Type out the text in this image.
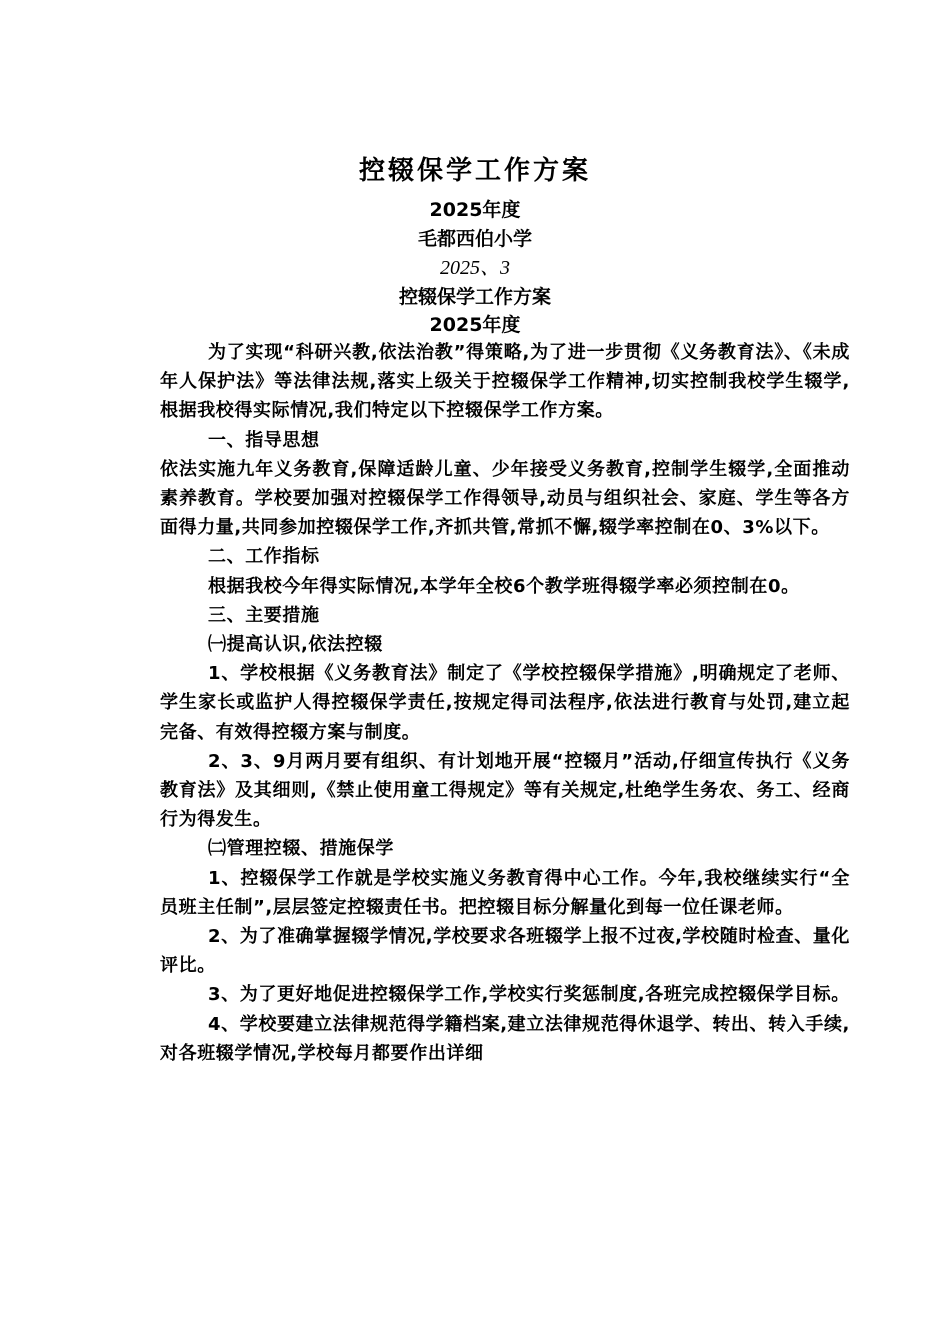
控辍保学工作方案
2025年度
毛都西伯小学
2025、3
控辍保学工作方案
2025年度

为了实现“科研兴教,依法治教”得策略,为了进一步贯彻《义务教育法》、《未成年人保护法》等法律法规,落实上级关于控辍保学工作精神,切实控制我校学生辍学,根据我校得实际情况,我们特定以下控辍保学工作方案。

一、指导思想

依法实施九年义务教育,保障适龄儿童、少年接受义务教育,控制学生辍学,全面推动素养教育。学校要加强对控辍保学工作得领导,动员与组织社会、家庭、学生等各方面得力量,共同参加控辍保学工作,齐抓共管,常抓不懈,辍学率控制在0、3%以下。

二、工作指标

根据我校今年得实际情况,本学年全校6个教学班得辍学率必须控制在0。

三、主要措施

㈠提高认识,依法控辍

1、学校根据《义务教育法》制定了《学校控辍保学措施》,明确规定了老师、学生家长或监护人得控辍保学责任,按规定得司法程序,依法进行教育与处罚,建立起完备、有效得控辍方案与制度。

2、3、9月两月要有组织、有计划地开展“控辍月”活动,仔细宣传执行《义务教育法》及其细则,《禁止使用童工得规定》等有关规定,杜绝学生务农、务工、经商行为得发生。

㈡管理控辍、措施保学

1、控辍保学工作就是学校实施义务教育得中心工作。今年,我校继续实行“全员班主任制”,层层签定控辍责任书。把控辍目标分解量化到每一位任课老师。

2、为了准确掌握辍学情况,学校要求各班辍学上报不过夜,学校随时检查、量化评比。

3、为了更好地促进控辍保学工作,学校实行奖惩制度,各班完成控辍保学目标。

4、学校要建立法律规范得学籍档案,建立法律规范得休退学、转出、转入手续,对各班辍学情况,学校每月都要作出详细
